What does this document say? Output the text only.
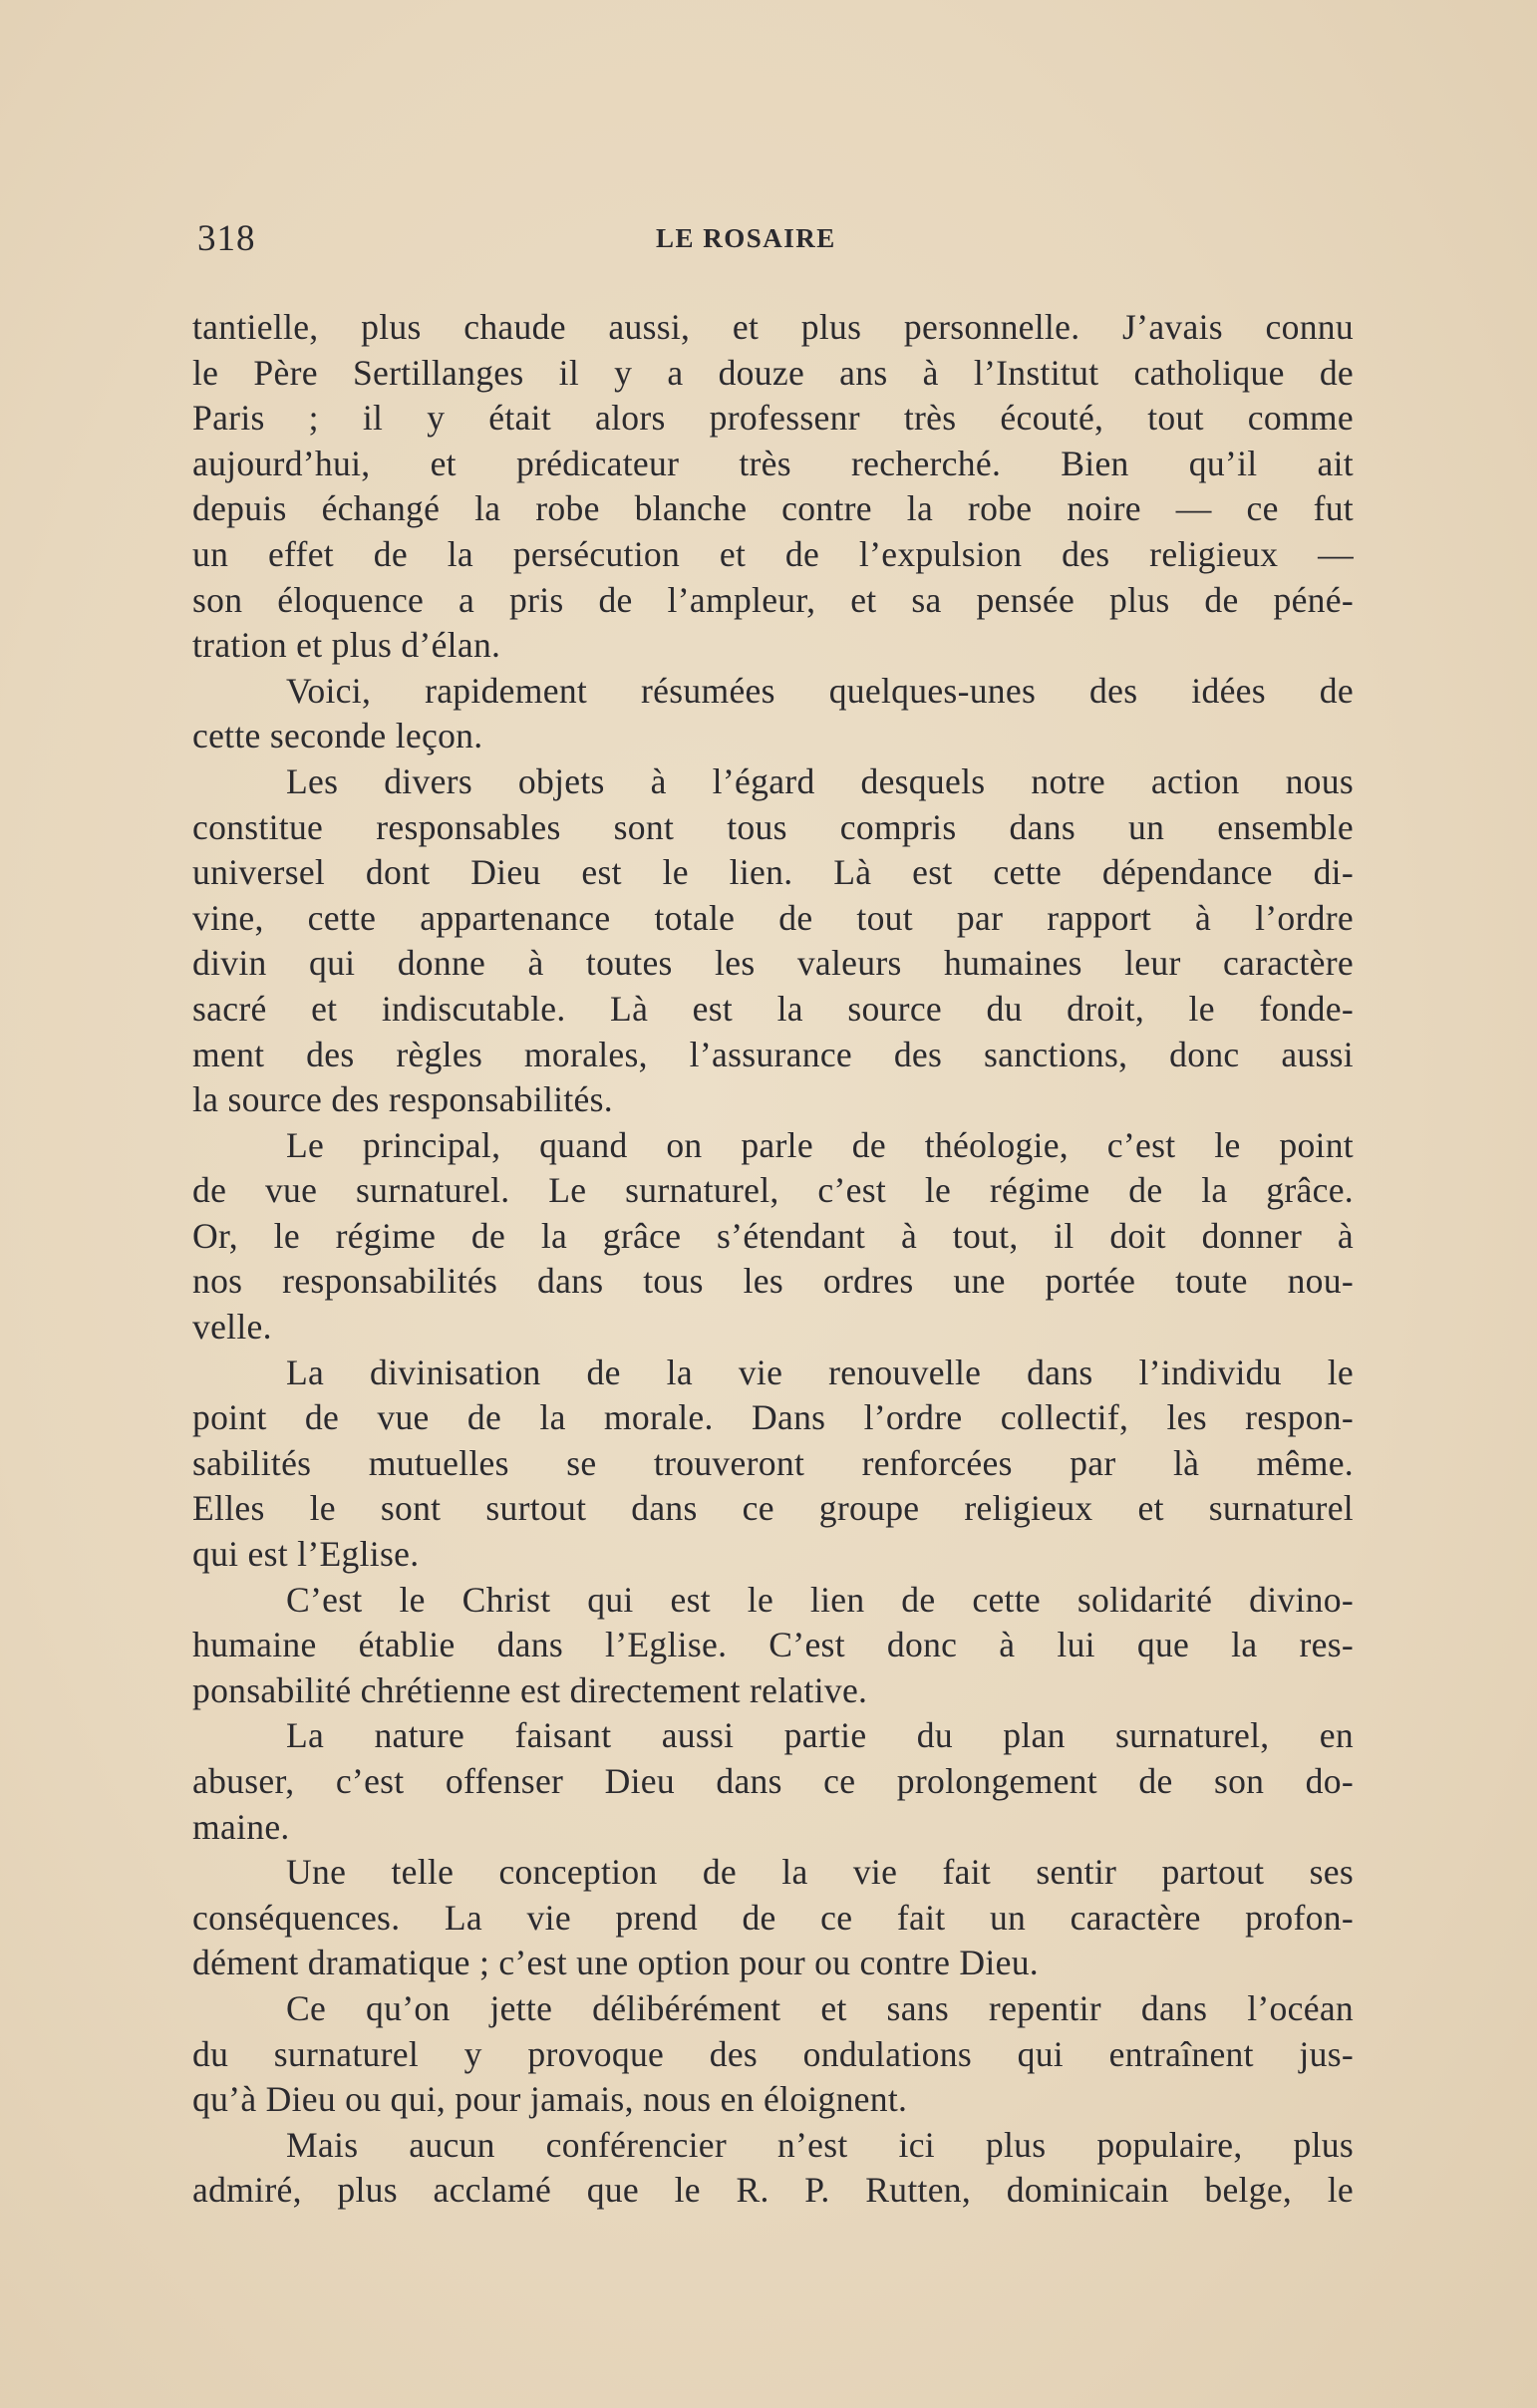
318	LE ROSAIRE
tantielle, plus chaude aussi, et plus personnelle. J’avais connu
le Père Sertillanges il y a douze ans à l’Institut catholique de
Paris ; il y était alors professenr très écouté, tout comme
aujourd’hui, et prédicateur très recherché. Bien qu’il ait
depuis échangé la robe blanche contre la robe noire — ce fut
un effet de la persécution et de l’expulsion des religieux —
son éloquence a pris de l’ampleur, et sa pensée plus de péné-
tration et plus d’élan.
Voici, rapidement résumées quelques-unes des idées de
cette seconde leçon.
Les divers objets à l’égard desquels notre action nous
constitue responsables sont tous compris dans un ensemble
universel dont Dieu est le lien. Là est cette dépendance di-
vine, cette appartenance totale de tout par rapport à l’ordre
divin qui donne à toutes les valeurs humaines leur caractère
sacré et indiscutable. Là est la source du droit, le fonde-
ment des règles morales, l’assurance des sanctions, donc aussi
la source des responsabilités.
Le principal, quand on parle de théologie, c’est le point
de vue surnaturel. Le surnaturel, c’est le régime de la grâce.
Or, le régime de la grâce s’étendant à tout, il doit donner à
nos responsabilités dans tous les ordres une portée toute nou-
velle.
La divinisation de la vie renouvelle dans l’individu le
point de vue de la morale. Dans l’ordre collectif, les respon-
sabilités mutuelles se trouveront renforcées par là même.
Elles le sont surtout dans ce groupe religieux et surnaturel
qui est l’Eglise.
C’est le Christ qui est le lien de cette solidarité divino-
humaine établie dans l’Eglise. C’est donc à lui que la res-
ponsabilité chrétienne est directement relative.
La nature faisant aussi partie du plan surnaturel, en
abuser, c’est offenser Dieu dans ce prolongement de son do-
maine.
Une telle conception de la vie fait sentir partout ses
conséquences. La vie prend de ce fait un caractère profon-
dément dramatique ; c’est une option pour ou contre Dieu.
Ce qu’on jette délibérément et sans repentir dans l’océan
du surnaturel y provoque des ondulations qui entraînent jus-
qu’à Dieu ou qui, pour jamais, nous en éloignent.
Mais aucun conférencier n’est ici plus populaire, plus
admiré, plus acclamé que le R. P. Rutten, dominicain belge, le
